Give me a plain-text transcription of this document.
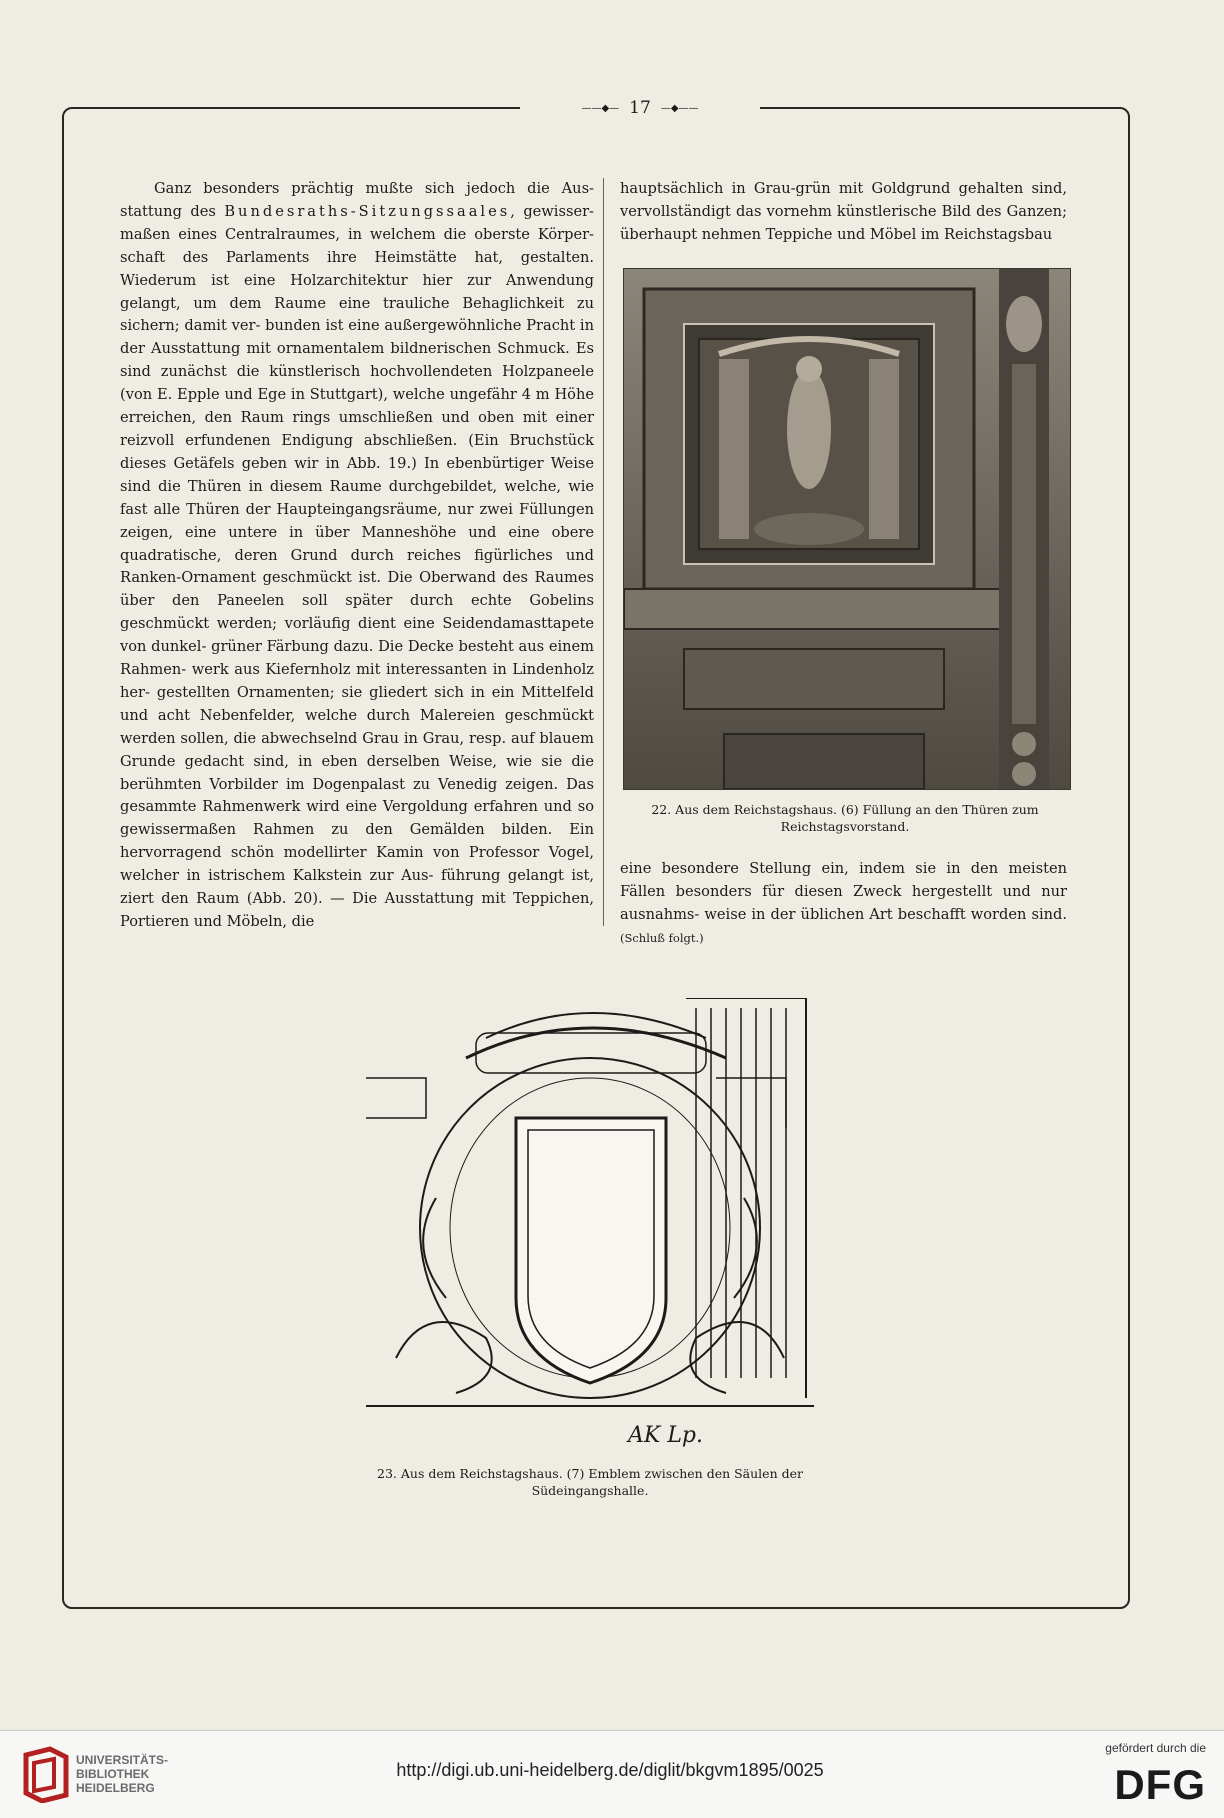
——◆— 17 —◆——

Ganz besonders prächtig mußte sich jedoch die Aus- stattung des Bundesraths-Sitzungssaales, gewisser- maßen eines Centralraumes, in welchem die oberste Körper- schaft des Parlaments ihre Heimstätte hat, gestalten. Wiederum ist eine Holzarchitektur hier zur Anwendung gelangt, um dem Raume eine trauliche Behaglichkeit zu sichern; damit ver- bunden ist eine außergewöhnliche Pracht in der Ausstattung mit ornamentalem bildnerischen Schmuck. Es sind zunächst die künstlerisch hochvollendeten Holzpaneele (von E. Epple und Ege in Stuttgart), welche ungefähr 4 m Höhe erreichen, den Raum rings umschließen und oben mit einer reizvoll erfundenen Endigung abschließen. (Ein Bruchstück dieses Getäfels geben wir in Abb. 19.) In ebenbürtiger Weise sind die Thüren in diesem Raume durchgebildet, welche, wie fast alle Thüren der Haupteingangsräume, nur zwei Füllungen zeigen, eine untere in über Manneshöhe und eine obere quadratische, deren Grund durch reiches figürliches und Ranken-Ornament geschmückt ist. Die Oberwand des Raumes über den Paneelen soll später durch echte Gobelins geschmückt werden; vorläufig dient eine Seidendamasttapete von dunkel- grüner Färbung dazu. Die Decke besteht aus einem Rahmen- werk aus Kiefernholz mit interessanten in Lindenholz her- gestellten Ornamenten; sie gliedert sich in ein Mittelfeld und acht Nebenfelder, welche durch Malereien geschmückt werden sollen, die abwechselnd Grau in Grau, resp. auf blauem Grunde gedacht sind, in eben derselben Weise, wie sie die berühmten Vorbilder im Dogenpalast zu Venedig zeigen. Das gesammte Rahmenwerk wird eine Vergoldung erfahren und so gewissermaßen Rahmen zu den Gemälden bilden. Ein hervorragend schön modellirter Kamin von Professor Vogel, welcher in istrischem Kalkstein zur Aus- führung gelangt ist, ziert den Raum (Abb. 20). — Die Ausstattung mit Teppichen, Portieren und Möbeln, die

hauptsächlich in Grau-grün mit Goldgrund gehalten sind, vervollständigt das vornehm künstlerische Bild des Ganzen; überhaupt nehmen Teppiche und Möbel im Reichstagsbau

22. Aus dem Reichstagshaus. (6) Füllung an den Thüren zum Reichstagsvorstand.

eine besondere Stellung ein, indem sie in den meisten Fällen besonders für diesen Zweck hergestellt und nur ausnahms- weise in der üblichen Art beschafft worden sind. (Schluß folgt.)

AK Lp.
23. Aus dem Reichstagshaus. (7) Emblem zwischen den Säulen der Südeingangshalle.
UNIVERSITÄTS-
BIBLIOTHEK
HEIDELBERG
http://digi.ub.uni-heidelberg.de/diglit/bkgvm1895/0025
gefördert durch die
DFG
